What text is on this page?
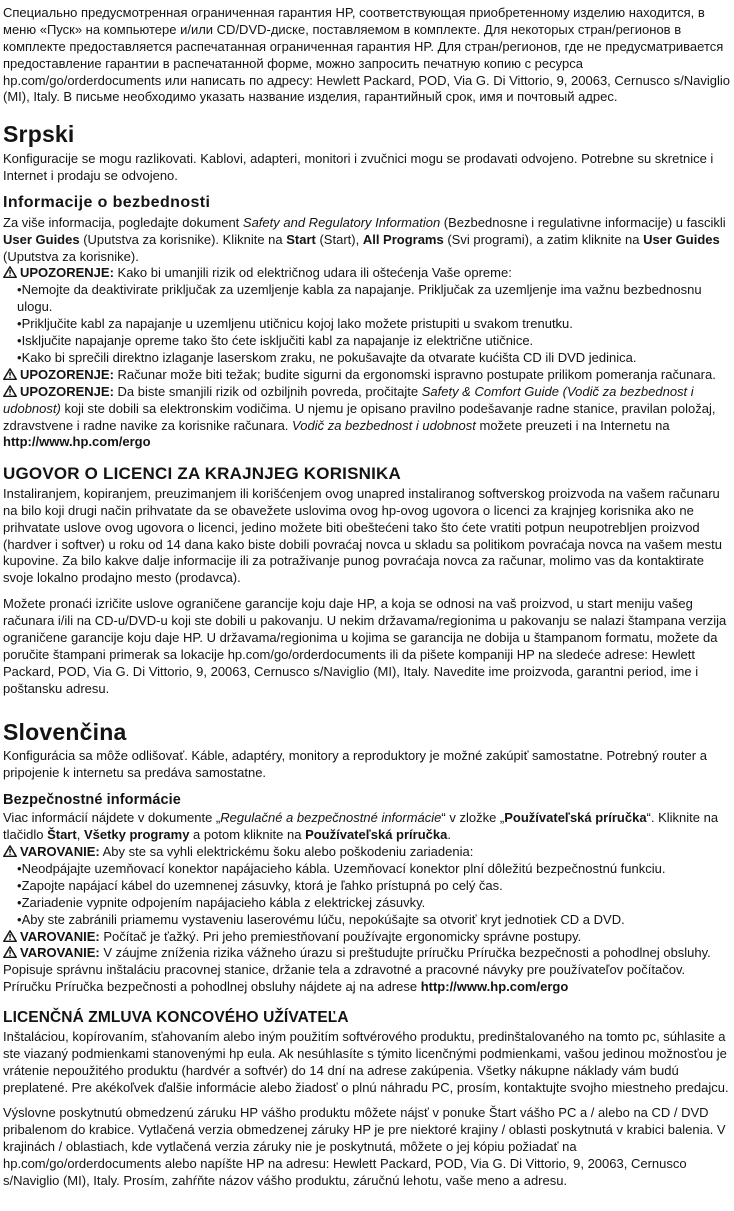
Специально предусмотренная ограниченная гарантия HP, соответствующая приобретенному изделию находится, в меню «Пуск» на компьютере и/или CD/DVD-диске, поставляемом в комплекте. Для некоторых стран/регионов в комплекте предоставляется распечатанная ограниченная гарантия HP. Для стран/регионов, где не предусматривается предоставление гарантии в распечатанной форме, можно запросить печатную копию с ресурса hp.com/go/orderdocuments или написать по адресу: Hewlett Packard, POD, Via G. Di Vittorio, 9, 20063, Cernusco s/Naviglio (MI), Italy. В письме необходимо указать название изделия, гарантийный срок, имя и почтовый адрес.

Srpski

Konfiguracije se mogu razlikovati. Kablovi, adapteri, monitori i zvučnici mogu se prodavati odvojeno. Potrebne su skretnice i Internet i prodaju se odvojeno.

Informacije o bezbednosti

Za više informacija, pogledajte dokument Safety and Regulatory Information (Bezbednosne i regulativne informacije) u fascikli User Guides (Uputstva za korisnike). Kliknite na Start (Start), All Programs (Svi programi), a zatim kliknite na User Guides (Uputstva za korisnike).

UPOZORENJE: Kako bi umanjili rizik od električnog udara ili oštećenja Vaše opreme:
• Nemojte da deaktivirate priključak za uzemljenje kabla za napajanje. Priključak za uzemljenje ima važnu bezbednosnu ulogu.
• Priključite kabl za napajanje u uzemljenu utičnicu kojoj lako možete pristupiti u svakom trenutku.
• Isključite napajanje opreme tako što ćete isključiti kabl za napajanje iz električne utičnice.
• Kako bi sprečili direktno izlaganje laserskom zraku, ne pokušavajte da otvarate kućišta CD ili DVD jedinica.
UPOZORENJE: Računar može biti težak; budite sigurni da ergonomski ispravno postupate prilikom pomeranja računara.
UPOZORENJE: Da biste smanjili rizik od ozbiljnih povreda, pročitajte Safety & Comfort Guide (Vodič za bezbednost i udobnost) koji ste dobili sa elektronskim vodičima. U njemu je opisano pravilno podešavanje radne stanice, pravilan položaj, zdravstvene i radne navike za korisnike računara. Vodič za bezbednost i udobnost možete preuzeti i na Internetu na http://www.hp.com/ergo
UGOVOR O LICENCI ZA KRAJNJEG KORISNIKA

Instaliranjem, kopiranjem, preuzimanjem ili korišćenjem ovog unapred instaliranog softverskog proizvoda na vašem računaru na bilo koji drugi način prihvatate da se obavežete uslovima ovog hp-ovog ugovora o licenci za krajnjeg korisnika ako ne prihvatate uslove ovog ugovora o licenci, jedino možete biti obeštećeni tako što ćete vratiti potpun neupotrebljen proizvod (hardver i softver) u roku od 14 dana kako biste dobili povraćaj novca u skladu sa politikom povraćaja novca na vašem mestu kupovine. Za bilo kakve dalje informacije ili za potraživanje punog povraćaja novca za računar, molimo vas da kontaktirate svoje lokalno prodajno mesto (prodavca).

Možete pronaći izričite uslove ograničene garancije koju daje HP, a koja se odnosi na vaš proizvod, u start meniju vašeg računara i/ili na CD-u/DVD-u koji ste dobili u pakovanju. U nekim državama/regionima u pakovanju se nalazi štampana verzija ograničene garancije koju daje HP. U državama/regionima u kojima se garancija ne dobija u štampanom formatu, možete da poručite štampani primerak sa lokacije hp.com/go/orderdocuments ili da pišete kompaniji HP na sledeće adrese: Hewlett Packard, POD, Via G. Di Vittorio, 9, 20063, Cernusco s/Naviglio (MI), Italy. Navedite ime proizvoda, garantni period, ime i poštansku adresu.

Slovenčina

Konfigurácia sa môže odlišovať. Káble, adaptéry, monitory a reproduktory je možné zakúpiť samostatne. Potrebný router a pripojenie k internetu sa predáva samostatne.

Bezpečnostné informácie

Viac informácií nájdete v dokumente „Regulačné a bezpečnostné informácie“ v zložke „Používateľská príručka“. Kliknite na tlačidlo Štart, Všetky programy a potom kliknite na Používateľská príručka.

VAROVANIE: Aby ste sa vyhli elektrickému šoku alebo poškodeniu zariadenia:
• Neodpájajte uzemňovací konektor napájacieho kábla. Uzemňovací konektor plní dôležitú bezpečnostnú funkciu.
• Zapojte napájací kábel do uzemnenej zásuvky, ktorá je ľahko prístupná po celý čas.
• Zariadenie vypnite odpojením napájacieho kábla z elektrickej zásuvky.
• Aby ste zabránili priamemu vystaveniu laserovému lúču, nepokúšajte sa otvoriť kryt jednotiek CD a DVD.
VAROVANIE: Počítač je ťažký. Pri jeho premiestňovaní používajte ergonomicky správne postupy.
VAROVANIE: V záujme zníženia rizika vážneho úrazu si preštudujte príručku Príručka bezpečnosti a pohodlnej obsluhy. Popisuje správnu inštaláciu pracovnej stanice, držanie tela a zdravotné a pracovné návyky pre používateľov počítačov. Príručku Príručka bezpečnosti a pohodlnej obsluhy nájdete aj na adrese http://www.hp.com/ergo
LICENČNÁ ZMLUVA KONCOVÉHO UŽÍVATEĽA

Inštaláciou, kopírovaním, sťahovaním alebo iným použitím softvérového produktu, predinštalovaného na tomto pc, súhlasite a ste viazaný podmienkami stanovenými hp eula. Ak nesúhlasíte s týmito licenčnými podmienkami, vašou jedinou možnosťou je vrátenie nepoužitého produktu (hardvér a softvér) do 14 dní na adrese zakúpenia. Všetky nákupne náklady vám budú preplatené. Pre akékoľvek ďalšie informácie alebo žiadosť o plnú náhradu PC, prosím, kontaktujte svojho miestneho predajcu.

Výslovne poskytnutú obmedzenú záruku HP vášho produktu môžete nájsť v ponuke Štart vášho PC a / alebo na CD / DVD pribalenom do krabice. Vytlačená verzia obmedzenej záruky HP je pre niektoré krajiny / oblasti poskytnutá v krabici balenia. V krajinách / oblastiach, kde vytlačená verzia záruky nie je poskytnutá, môžete o jej kópiu požiadať na hp.com/go/orderdocuments alebo napíšte HP na adresu: Hewlett Packard, POD, Via G. Di Vittorio, 9, 20063, Cernusco s/Naviglio (MI), Italy. Prosím, zahŕňte názov vášho produktu, záručnú lehotu, vaše meno a adresu.
